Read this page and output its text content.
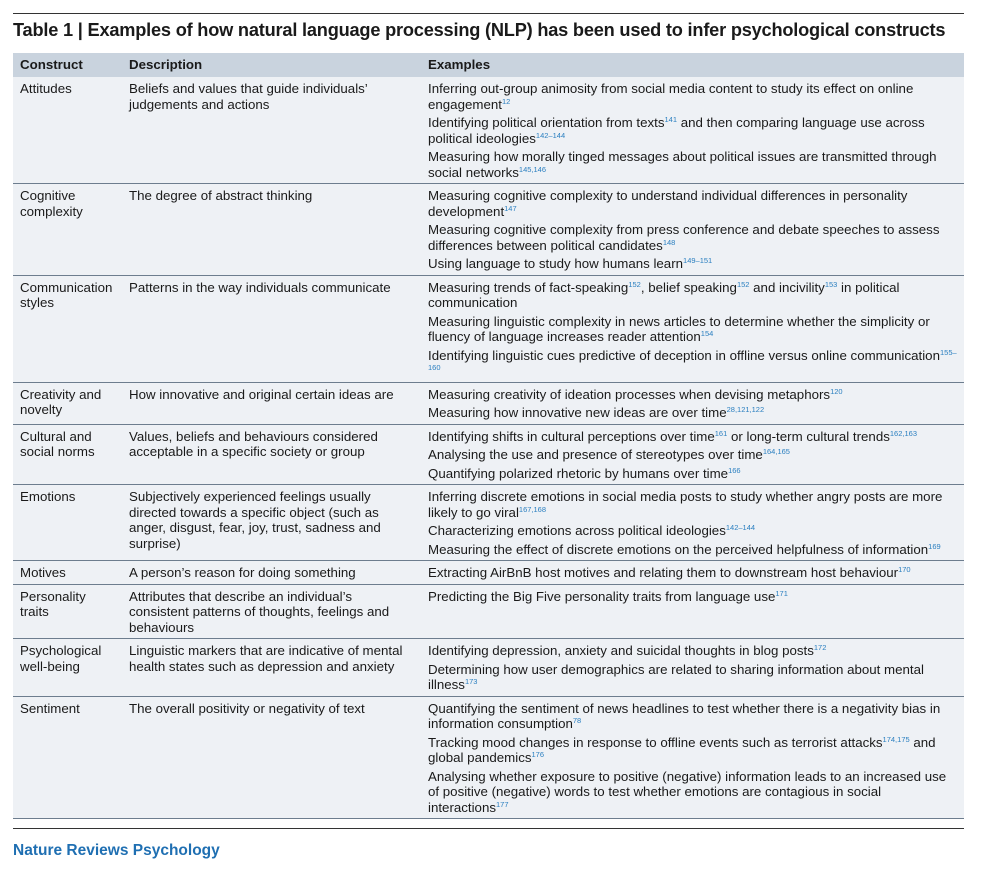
Table 1 | Examples of how natural language processing (NLP) has been used to infer psychological constructs
Construct	Description	Examples
Attitudes	Beliefs and values that guide individuals’ judgements and actions	Inferring out-group animosity from social media content to study its effect on online engagement$^{12}$
Identifying political orientation from texts$^{141}$ and then comparing language use across political ideologies$^{142-144}$
Measuring how morally tinged messages about political issues are transmitted through social networks$^{145,146}$

Cognitive complexity	The degree of abstract thinking	Measuring cognitive complexity to understand individual differences in personality development$^{147}$
Measuring cognitive complexity from press conference and debate speeches to assess differences between political candidates$^{148}$
Using language to study how humans learn$^{149-151}$

Communication styles	Patterns in the way individuals communicate	Measuring trends of fact-speaking$^{152}$, belief speaking$^{152}$ and incivility$^{153}$ in political communication
Measuring linguistic complexity in news articles to determine whether the simplicity or fluency of language increases reader attention$^{154}$
Identifying linguistic cues predictive of deception in offline versus online communication$^{155-160}$

Creativity and novelty	How innovative and original certain ideas are	Measuring creativity of ideation processes when devising metaphors$^{120}$
Measuring how innovative new ideas are over time$^{28,121,122}$

Cultural and social norms	Values, beliefs and behaviours considered acceptable in a specific society or group	Identifying shifts in cultural perceptions over time$^{161}$ or long-term cultural trends$^{162,163}$
Analysing the use and presence of stereotypes over time$^{164,165}$
Quantifying polarized rhetoric by humans over time$^{166}$

Emotions	Subjectively experienced feelings usually directed towards a specific object (such as anger, disgust, fear, joy, trust, sadness and surprise)	Inferring discrete emotions in social media posts to study whether angry posts are more likely to go viral$^{167,168}$
Characterizing emotions across political ideologies$^{142-144}$
Measuring the effect of discrete emotions on the perceived helpfulness of information$^{169}$

Motives	A person’s reason for doing something	Extracting AirBnB host motives and relating them to downstream host behaviour$^{170}$

Personality traits	Attributes that describe an individual’s consistent patterns of thoughts, feelings and behaviours	Predicting the Big Five personality traits from language use$^{171}$

Psychological well-being	Linguistic markers that are indicative of mental health states such as depression and anxiety	Identifying depression, anxiety and suicidal thoughts in blog posts$^{172}$
Determining how user demographics are related to sharing information about mental illness$^{173}$

Sentiment	The overall positivity or negativity of text	Quantifying the sentiment of news headlines to test whether there is a negativity bias in information consumption$^{78}$
Tracking mood changes in response to offline events such as terrorist attacks$^{174,175}$ and global pandemics$^{176}$
Analysing whether exposure to positive (negative) information leads to an increased use of positive (negative) words to test whether emotions are contagious in social interactions$^{177}$
Nature Reviews Psychology
